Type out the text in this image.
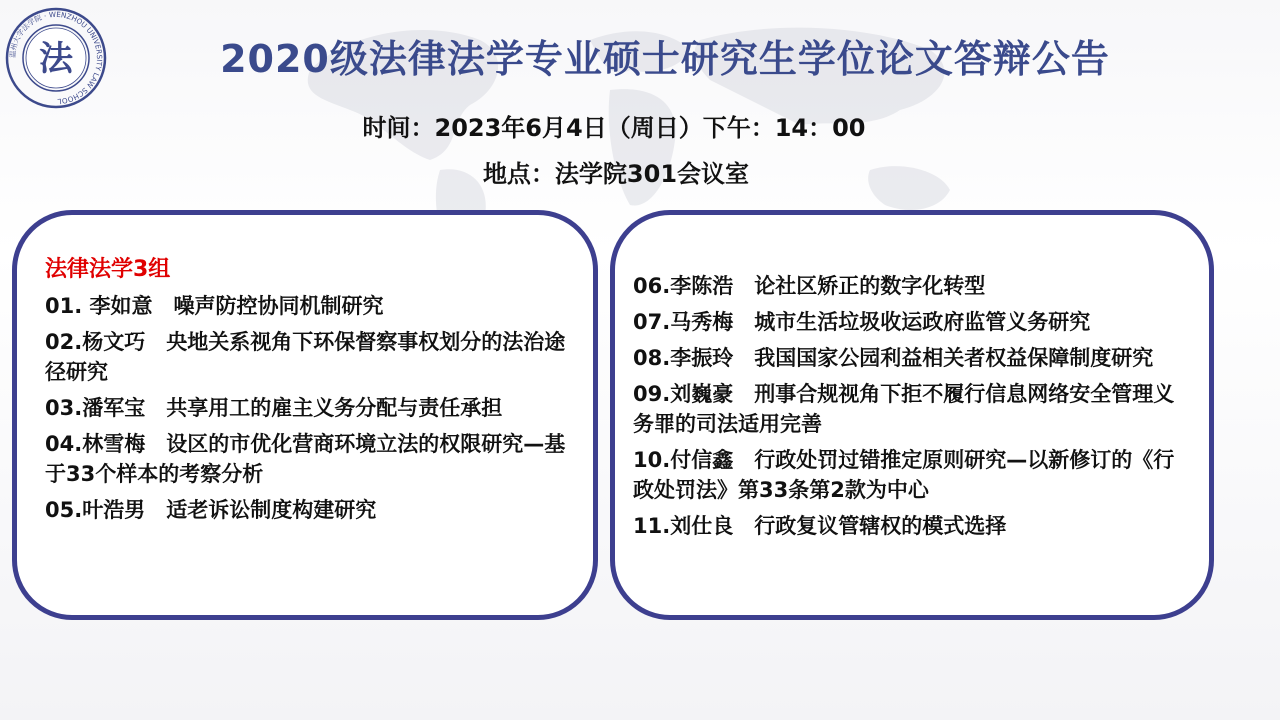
温州大学法学院 · WENZHOU UNIVERSITY LAW SCHOOL
法	2020级法律法学专业硕士研究生学位论文答辩公告
时间：2023年6月4日（周日）下午：14：00
地点：法学院301会议室
法律法学3组
01. 李如意　噪声防控协同机制研究
02.杨文巧　央地关系视角下环保督察事权划分的法治途径研究
03.潘军宝　共享用工的雇主义务分配与责任承担
04.林雪梅　设区的市优化营商环境立法的权限研究—基于33个样本的考察分析
05.叶浩男　适老诉讼制度构建研究
06.李陈浩　论社区矫正的数字化转型
07.马秀梅　城市生活垃圾收运政府监管义务研究
08.李振玲　我国国家公园利益相关者权益保障制度研究
09.刘巍豪　刑事合规视角下拒不履行信息网络安全管理义务罪的司法适用完善
10.付信鑫　行政处罚过错推定原则研究—以新修订的《行政处罚法》第33条第2款为中心
11.刘仕良　行政复议管辖权的模式选择
